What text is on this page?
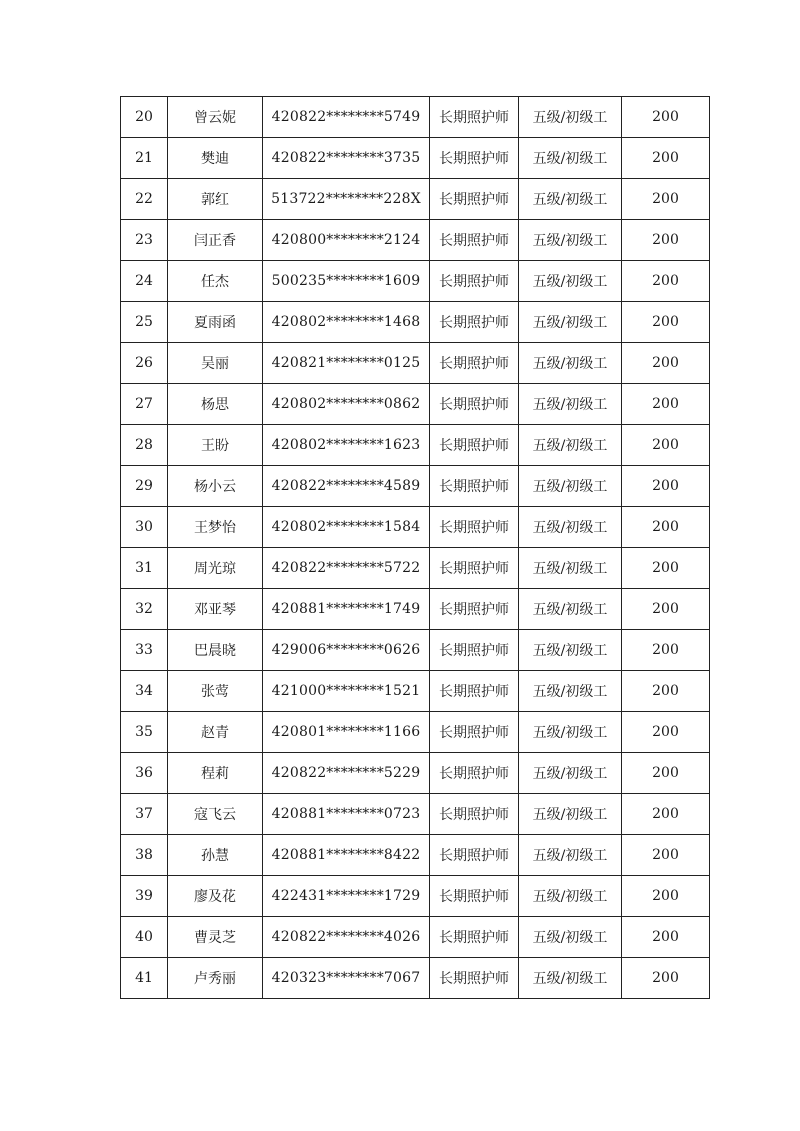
20	曾云妮	420822********5749	长期照护师	五级/初级工	200
21	樊迪	420822********3735	长期照护师	五级/初级工	200
22	郭红	513722********228X	长期照护师	五级/初级工	200
23	闫正香	420800********2124	长期照护师	五级/初级工	200
24	任杰	500235********1609	长期照护师	五级/初级工	200
25	夏雨函	420802********1468	长期照护师	五级/初级工	200
26	吴丽	420821********0125	长期照护师	五级/初级工	200
27	杨思	420802********0862	长期照护师	五级/初级工	200
28	王盼	420802********1623	长期照护师	五级/初级工	200
29	杨小云	420822********4589	长期照护师	五级/初级工	200
30	王梦怡	420802********1584	长期照护师	五级/初级工	200
31	周光琼	420822********5722	长期照护师	五级/初级工	200
32	邓亚琴	420881********1749	长期照护师	五级/初级工	200
33	巴晨晓	429006********0626	长期照护师	五级/初级工	200
34	张莺	421000********1521	长期照护师	五级/初级工	200
35	赵青	420801********1166	长期照护师	五级/初级工	200
36	程莉	420822********5229	长期照护师	五级/初级工	200
37	寇飞云	420881********0723	长期照护师	五级/初级工	200
38	孙慧	420881********8422	长期照护师	五级/初级工	200
39	廖及花	422431********1729	长期照护师	五级/初级工	200
40	曹灵芝	420822********4026	长期照护师	五级/初级工	200
41	卢秀丽	420323********7067	长期照护师	五级/初级工	200
